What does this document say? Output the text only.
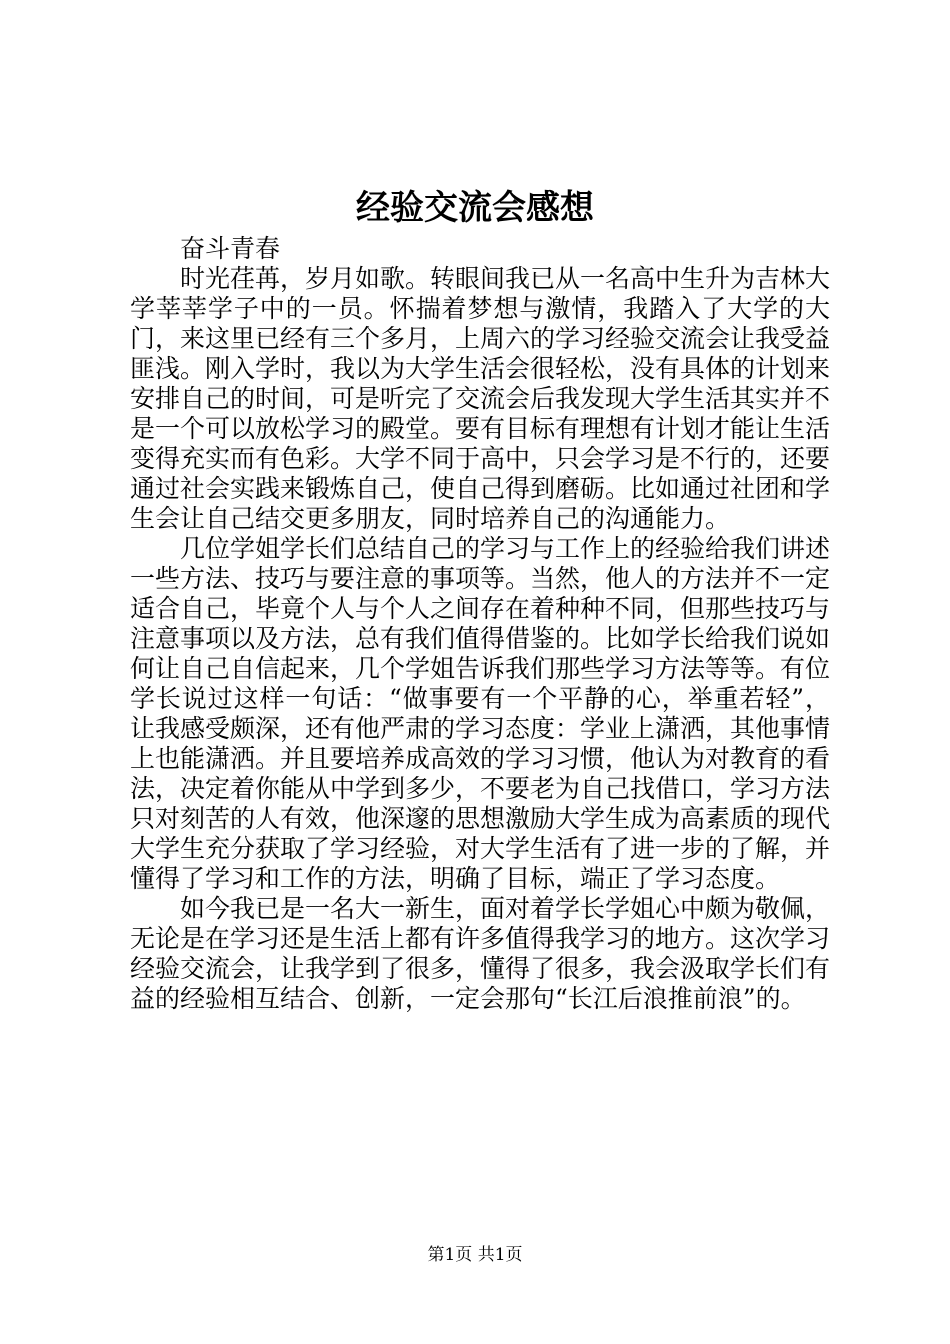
经验交流会感想

奋斗青春

时光荏苒，岁月如歌。转眼间我已从一名高中生升为吉林大学莘莘学子中的一员。怀揣着梦想与激情，我踏入了大学的大门，来这里已经有三个多月，上周六的学习经验交流会让我受益匪浅。刚入学时，我以为大学生活会很轻松，没有具体的计划来安排自己的时间，可是听完了交流会后我发现大学生活其实并不是一个可以放松学习的殿堂。要有目标有理想有计划才能让生活变得充实而有色彩。大学不同于高中，只会学习是不行的，还要通过社会实践来锻炼自己，使自己得到磨砺。比如通过社团和学生会让自己结交更多朋友，同时培养自己的沟通能力。

几位学姐学长们总结自己的学习与工作上的经验给我们讲述一些方法、技巧与要注意的事项等。当然，他人的方法并不一定适合自己，毕竟个人与个人之间存在着种种不同，但那些技巧与注意事项以及方法，总有我们值得借鉴的。比如学长给我们说如何让自己自信起来，几个学姐告诉我们那些学习方法等等。有位学长说过这样一句话：“做事要有一个平静的心，举重若轻”，让我感受颇深，还有他严肃的学习态度：学业上潇洒，其他事情上也能潇洒。并且要培养成高效的学习习惯，他认为对教育的看法，决定着你能从中学到多少，不要老为自己找借口，学习方法只对刻苦的人有效，他深邃的思想激励大学生成为高素质的现代大学生充分获取了学习经验，对大学生活有了进一步的了解，并懂得了学习和工作的方法，明确了目标，端正了学习态度。

如今我已是一名大一新生，面对着学长学姐心中颇为敬佩，无论是在学习还是生活上都有许多值得我学习的地方。这次学习经验交流会，让我学到了很多，懂得了很多，我会汲取学长们有益的经验相互结合、创新，一定会那句“长江后浪推前浪”的。

第1页 共1页
